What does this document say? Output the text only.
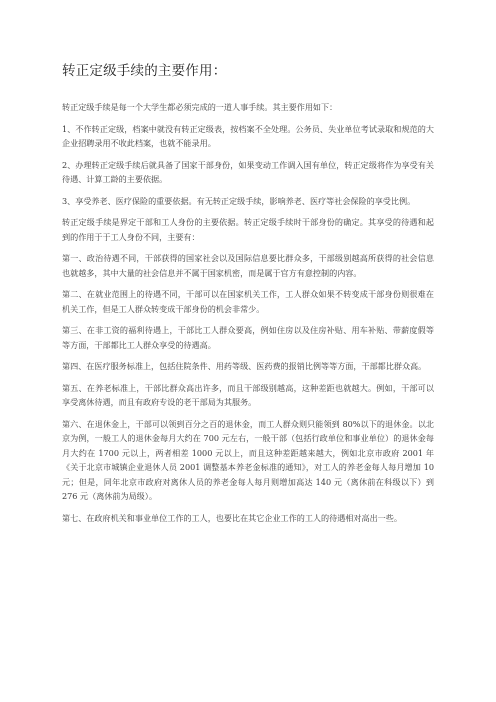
转正定级手续的主要作用：

转正定级手续是每一个大学生都必须完成的一道人事手续。其主要作用如下：

1、不作转正定级，档案中就没有转正定级表，按档案不全处理。公务员、失业单位考试录取和规范的大企业招聘录用不收此档案，也就不能录用。

2、办理转正定级手续后就具备了国家干部身份，如果变动工作调入国有单位，转正定级将作为享受有关待遇、计算工龄的主要依据。

3、享受养老、医疗保险的重要依据。有无转正定级手续，影响养老、医疗等社会保险的享受比例。

转正定级手续是界定干部和工人身份的主要依据。转正定级手续时干部身份的确定。其享受的待遇和起到的作用于于工人身份不同，主要有：

第一、政治待遇不同，干部获得的国家社会以及国际信息要比群众多，干部级别越高所获得的社会信息也就越多，其中大量的社会信息并不属于国家机密，而是属于官方有意控制的内容。

第二、在就业范围上的待遇不同，干部可以在国家机关工作，工人群众如果不转变成干部身份则很难在机关工作，但是工人群众转变成干部身份的机会非常少。

第三、在非工资的福利待遇上，干部比工人群众要高，例如住房以及住房补贴、用车补贴、带薪度假等等方面，干部都比工人群众享受的待遇高。

第四、在医疗服务标准上，包括住院条件、用药等级、医药费的报销比例等等方面，干部都比群众高。

第五、在养老标准上，干部比群众高出许多，而且干部级别越高，这种差距也就越大。例如，干部可以享受离休待遇，而且有政府专设的老干部局为其服务。

第六、在退休金上，干部可以领到百分之百的退休金，而工人群众则只能领到 80%以下的退休金。以北京为例，一般工人的退休金每月大约在 700 元左右，一般干部（包括行政单位和事业单位）的退休金每月大约在 1700 元以上，两者相差 1000 元以上，而且这种差距越来越大，例如北京市政府 2001 年《关于北京市城镇企业退休人员 2001 调整基本养老金标准的通知》，对工人的养老金每人每月增加 10 元；但是，同年北京市政府对离休人员的养老金每人每月则增加高达 140 元（离休前在科级以下）到 276 元（离休前为局级）。

第七、在政府机关和事业单位工作的工人，也要比在其它企业工作的工人的待遇相对高出一些。
